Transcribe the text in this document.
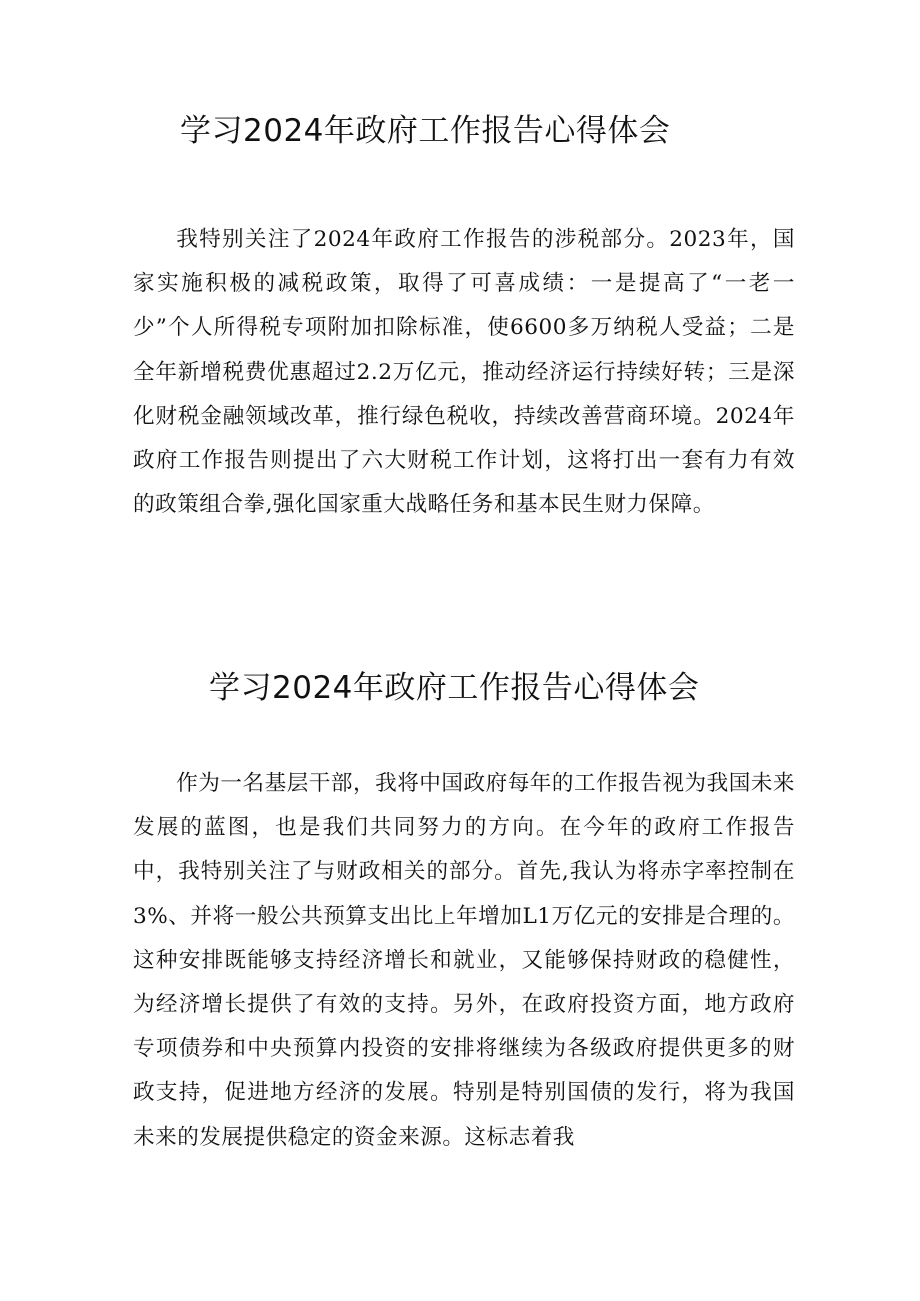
学习2024年政府工作报告心得体会

我特别关注了2024年政府工作报告的涉税部分。2023年，国家实施积极的减税政策，取得了可喜成绩：一是提高了“一老一少”个人所得税专项附加扣除标准，使6600多万纳税人受益；二是全年新增税费优惠超过2.2万亿元，推动经济运行持续好转；三是深化财税金融领域改革，推行绿色税收，持续改善营商环境。2024年政府工作报告则提出了六大财税工作计划，这将打出一套有力有效的政策组合拳,强化国家重大战略任务和基本民生财力保障。

学习2024年政府工作报告心得体会

作为一名基层干部，我将中国政府每年的工作报告视为我国未来发展的蓝图，也是我们共同努力的方向。在今年的政府工作报告中，我特别关注了与财政相关的部分。首先,我认为将赤字率控制在3%、并将一般公共预算支出比上年增加L1万亿元的安排是合理的。这种安排既能够支持经济增长和就业，又能够保持财政的稳健性，为经济增长提供了有效的支持。另外，在政府投资方面，地方政府专项债券和中央预算内投资的安排将继续为各级政府提供更多的财政支持，促进地方经济的发展。特别是特别国债的发行，将为我国未来的发展提供稳定的资金来源。这标志着我
